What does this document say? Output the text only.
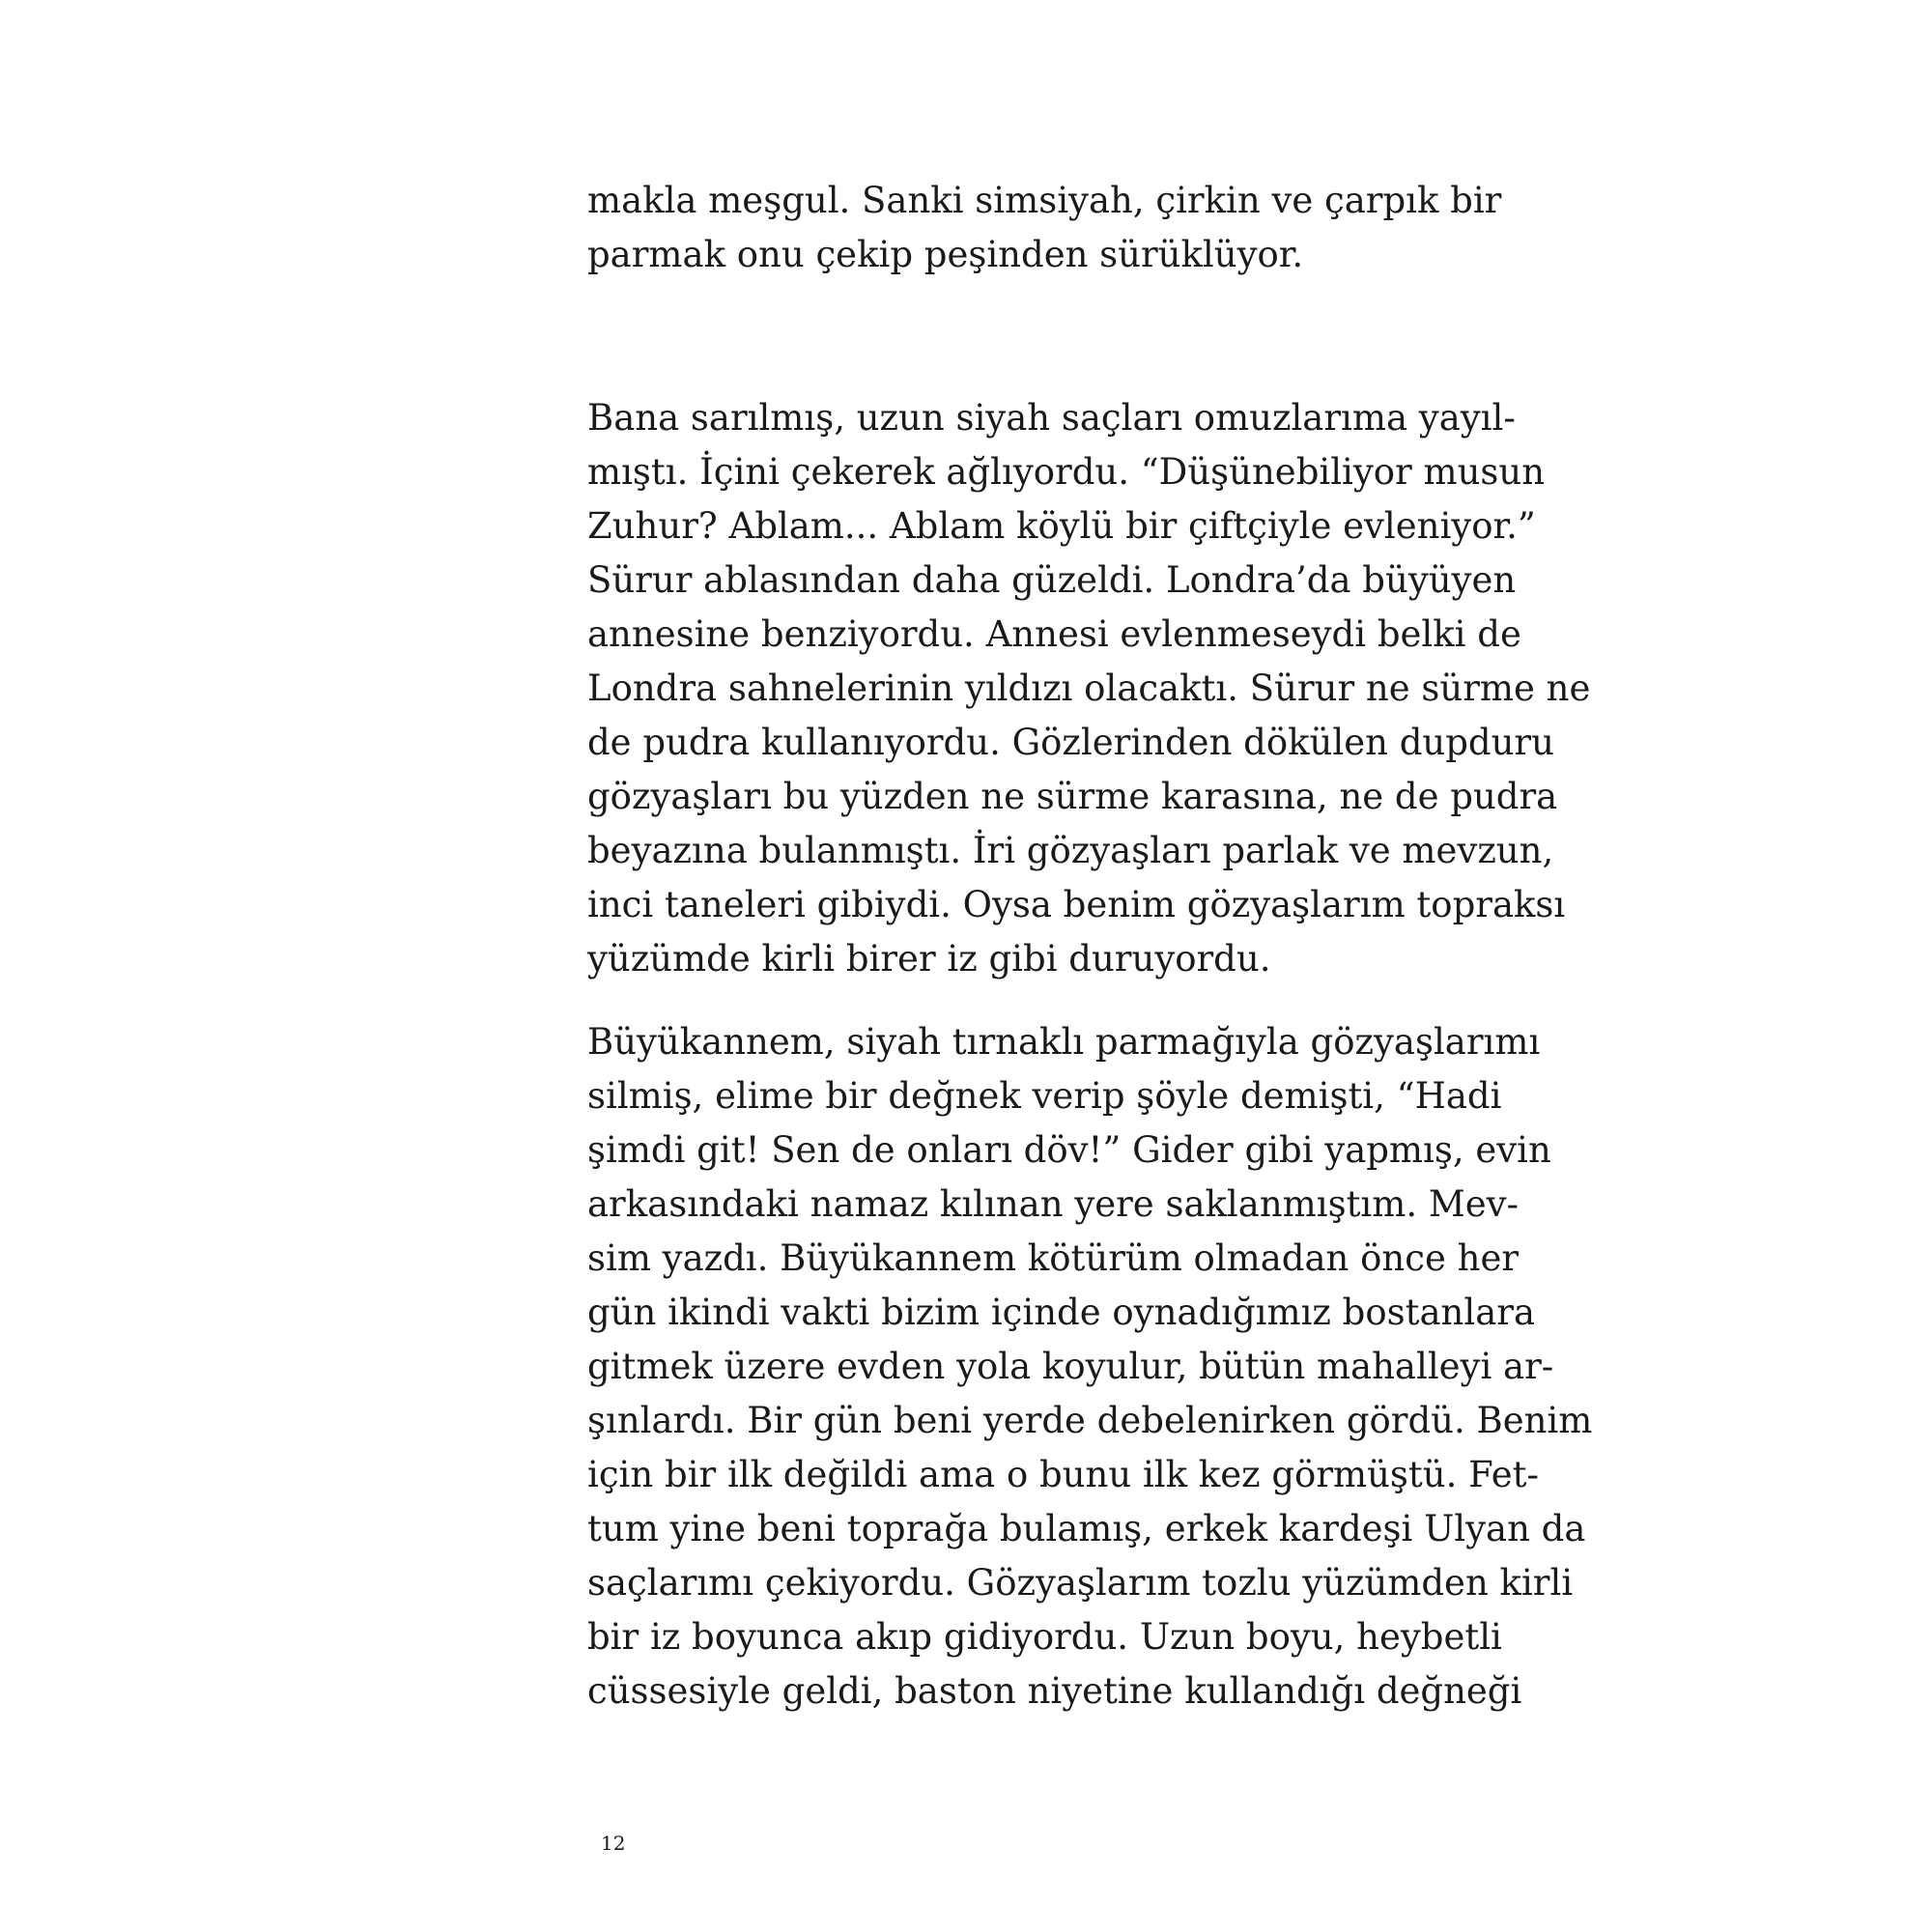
makla meşgul. Sanki simsiyah, çirkin ve çarpık bir
parmak onu çekip peşinden sürüklüyor.
Bana sarılmış, uzun siyah saçları omuzlarıma yayıl-
mıştı. İçini çekerek ağlıyordu. “Düşünebiliyor musun
Zuhur? Ablam... Ablam köylü bir çiftçiyle evleniyor.”
Sürur ablasından daha güzeldi. Londra’da büyüyen
annesine benziyordu. Annesi evlenmeseydi belki de
Londra sahnelerinin yıldızı olacaktı. Sürur ne sürme ne
de pudra kullanıyordu. Gözlerinden dökülen dupduru
gözyaşları bu yüzden ne sürme karasına, ne de pudra
beyazına bulanmıştı. İri gözyaşları parlak ve mevzun,
inci taneleri gibiydi. Oysa benim gözyaşlarım topraksı
yüzümde kirli birer iz gibi duruyordu.
Büyükannem, siyah tırnaklı parmağıyla gözyaşlarımı
silmiş, elime bir değnek verip şöyle demişti, “Hadi
şimdi git! Sen de onları döv!” Gider gibi yapmış, evin
arkasındaki namaz kılınan yere saklanmıştım. Mev-
sim yazdı. Büyükannem kötürüm olmadan önce her
gün ikindi vakti bizim içinde oynadığımız bostanlara
gitmek üzere evden yola koyulur, bütün mahalleyi ar-
şınlardı. Bir gün beni yerde debelenirken gördü. Benim
için bir ilk değildi ama o bunu ilk kez görmüştü. Fet-
tum yine beni toprağa bulamış, erkek kardeşi Ulyan da
saçlarımı çekiyordu. Gözyaşlarım tozlu yüzümden kirli
bir iz boyunca akıp gidiyordu. Uzun boyu, heybetli
cüssesiyle geldi, baston niyetine kullandığı değneği
12
